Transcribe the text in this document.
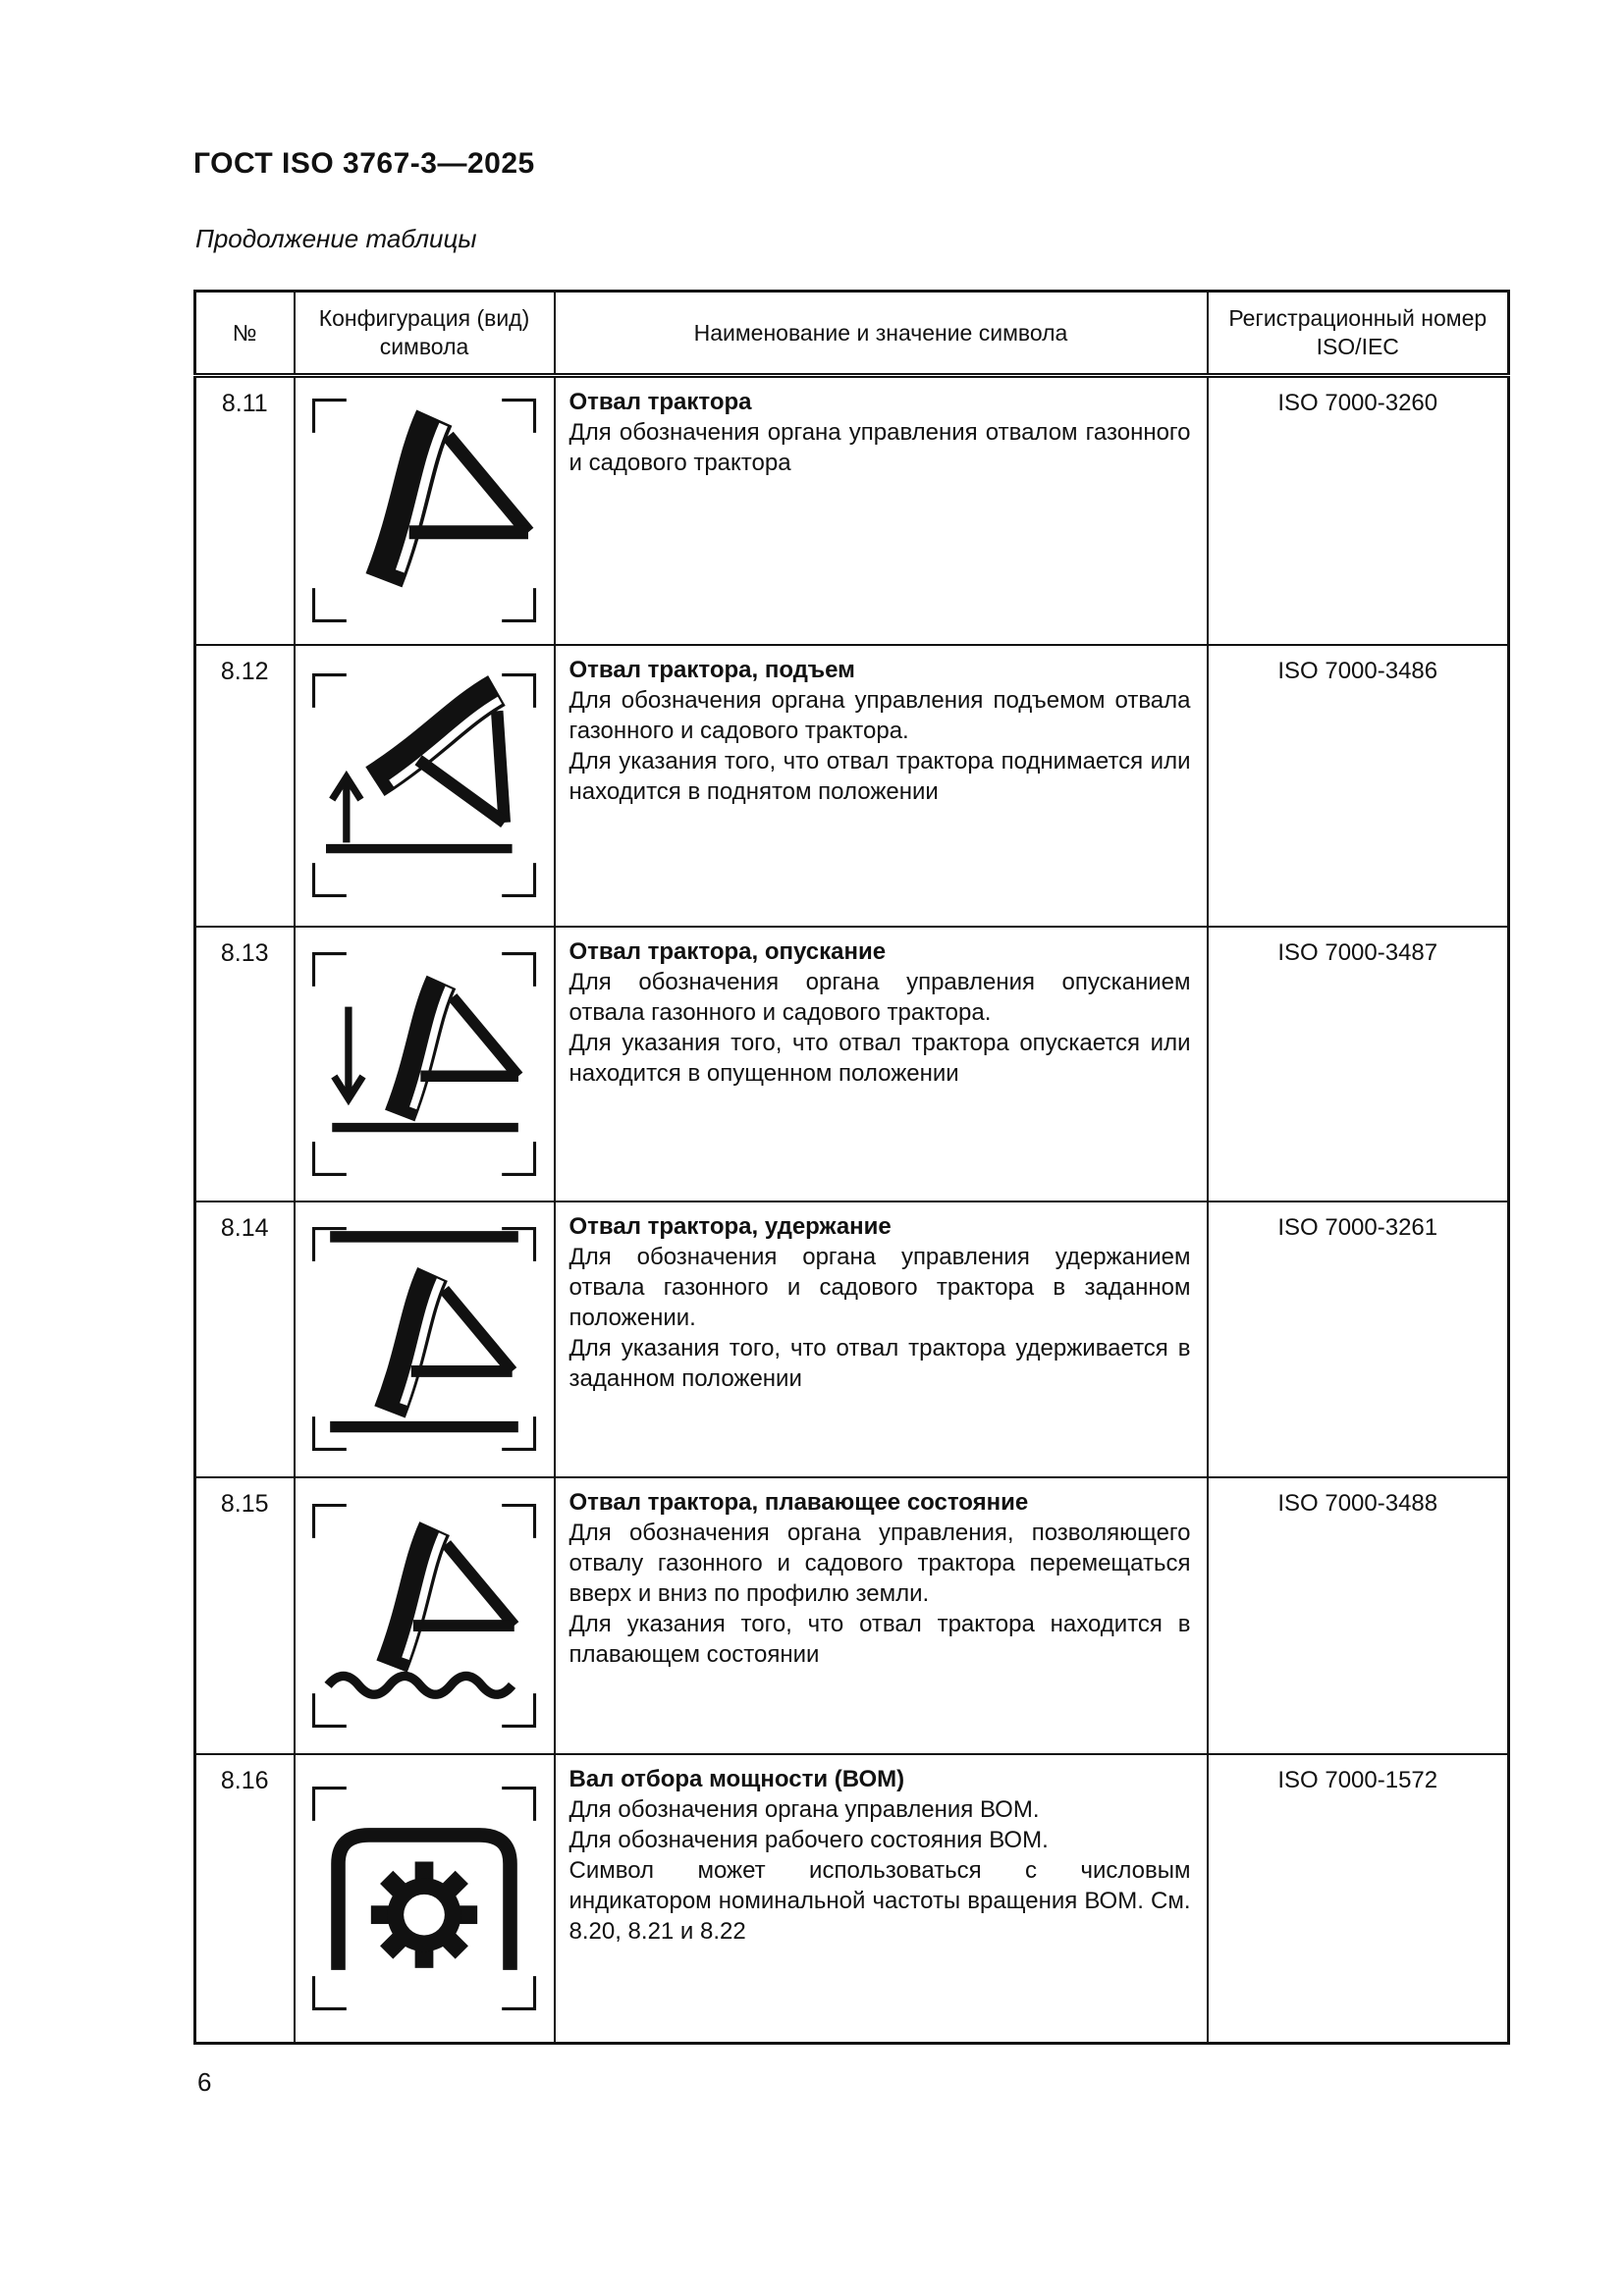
ГОСТ ISO 3767-3—2025
Продолжение таблицы
№	Конфигурация (вид) символа	Наименование и значение символа	Регистрационный номер ISO/IEC
8.11		Отвал трактора

Для обозначения органа управления отвалом газонного и садового трактора	ISO 7000-3260
8.12		Отвал трактора, подъем

Для обозначения органа управления подъемом отвала газонного и садового трактора.

Для указания того, что отвал трактора поднимается или находится в поднятом положении	ISO 7000-3486
8.13		Отвал трактора, опускание

Для обозначения органа управления опусканием отвала газонного и садового трактора.

Для указания того, что отвал трактора опускается или находится в опущенном положении	ISO 7000-3487
8.14		Отвал трактора, удержание

Для обозначения органа управления удержанием отвала газонного и садового трактора в заданном положении.

Для указания того, что отвал трактора удерживается в заданном положении	ISO 7000-3261
8.15		Отвал трактора, плавающее состояние

Для обозначения органа управления, позволяющего отвалу газонного и садового трактора перемещаться вверх и вниз по профилю земли.

Для указания того, что отвал трактора находится в плавающем состоянии	ISO 7000-3488
8.16		Вал отбора мощности (ВОМ)

Для обозначения органа управления ВОМ.

Для обозначения рабочего состояния ВОМ.

Символ может использоваться с числовым индикатором номинальной частоты вращения ВОМ. См. 8.20, 8.21 и 8.22	ISO 7000-1572
6
